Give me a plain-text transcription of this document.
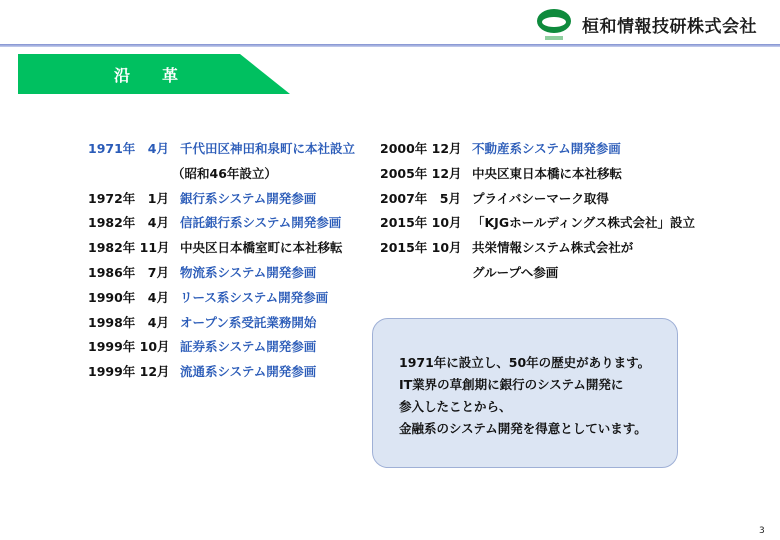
桓和情報技研株式会社
沿　革
1971年　4月 千代田区神田和泉町に本社設立
（昭和46年設立）
1972年　1月 銀行系システム開発参画
1982年　4月 信託銀行系システム開発参画
1982年 11月 中央区日本橋室町に本社移転
1986年　7月 物流系システム開発参画
1990年　4月 リース系システム開発参画
1998年　4月 オープン系受託業務開始
1999年 10月 証券系システム開発参画
1999年 12月 流通系システム開発参画
2000年 12月 不動産系システム開発参画
2005年 12月 中央区東日本橋に本社移転
2007年　5月 プライバシーマーク取得
2015年 10月 「KJGホールディングス株式会社」設立
2015年 10月 共栄情報システム株式会社が
グループへ参画
1971年に設立し、50年の歴史があります。
IT業界の草創期に銀行のシステム開発に
参入したことから、
金融系のシステム開発を得意としています。
3
